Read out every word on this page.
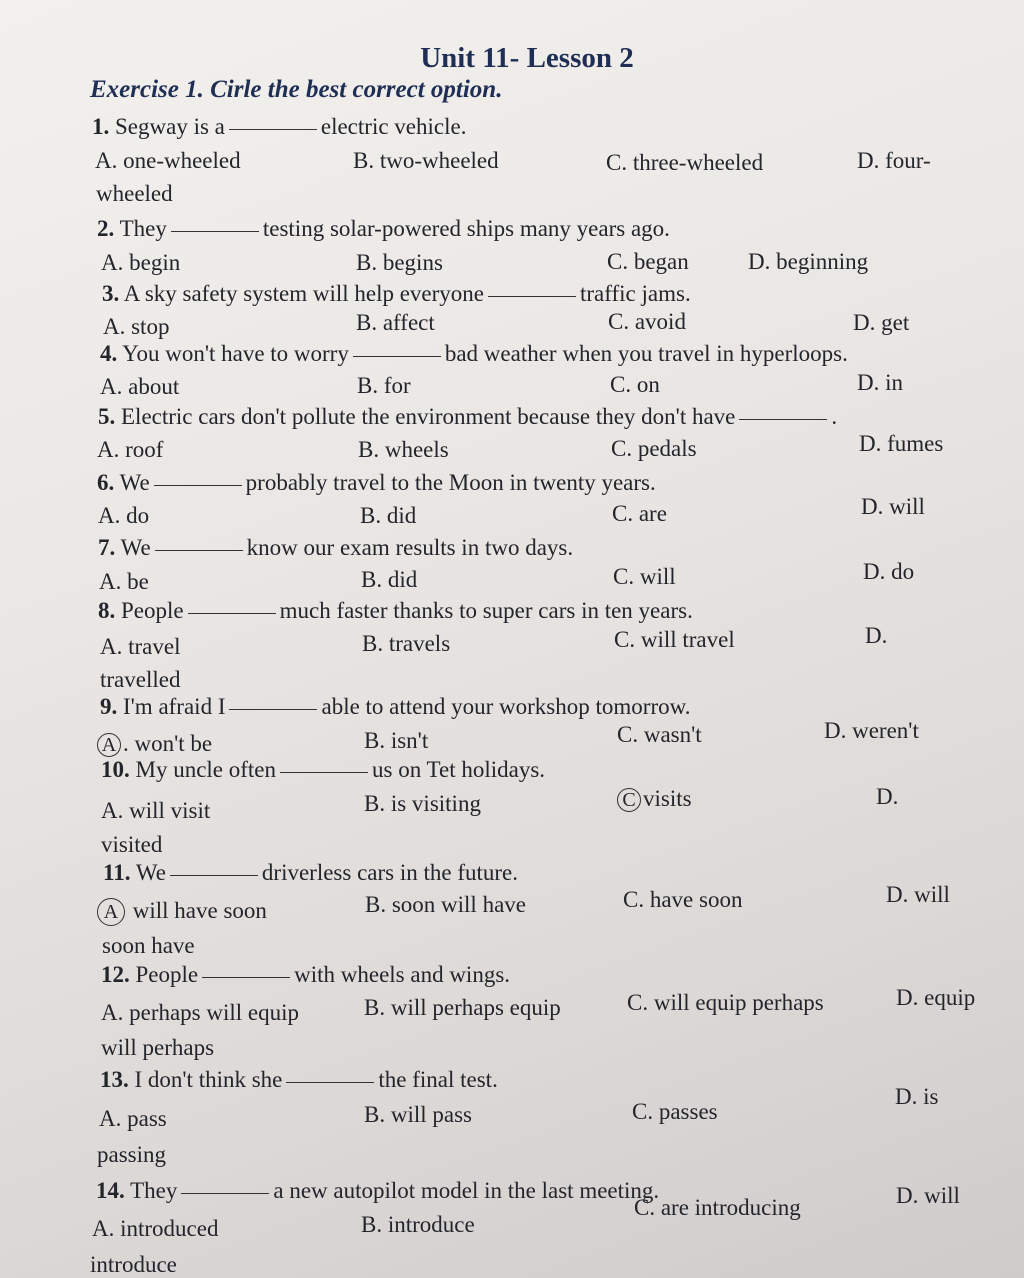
Unit 11- Lesson 2
Exercise 1. Cirle the best correct option.
1. Segway is a	electric vehicle.
A. one-wheeled	B. two-wheeled	C. three-wheeled	D. four-
wheeled
2. They	testing solar-powered ships many years ago.
A. begin	B. begins	C. began	D. beginning
3. A sky safety system will help everyone	traffic jams.
A. stop	B. affect	C. avoid	D. get
4. You won't have to worry	bad weather when you travel in hyperloops.
A. about	B. for	C. on	D. in
5. Electric cars don't pollute the environment because they don't have	.
A. roof	B. wheels	C. pedals	D. fumes
6. We	probably travel to the Moon in twenty years.
A. do	B. did	C. are	D. will
7. We	know our exam results in two days.
A. be	B. did	C. will	D. do
8. People	much faster thanks to super cars in ten years.
A. travel	B. travels	C. will travel	D.
travelled
9. I'm afraid I	able to attend your workshop tomorrow.
A . won't be	B. isn't	C. wasn't	D. weren't
10. My uncle often	us on Tet holidays.
A. will visit	B. is visiting	C visits	D.
visited
11. We	driverless cars in the future.
A will have soon	B. soon will have	C. have soon	D. will
soon have
12. People	with wheels and wings.
A. perhaps will equip	B. will perhaps equip	C. will equip perhaps	D. equip
will perhaps
13. I don't think she	the final test.
A. pass	B. will pass	C. passes
D. is
passing
14. They	a new autopilot model in the last meeting.
A. introduced	B. introduce
C. are introducing	D. will
introduce
